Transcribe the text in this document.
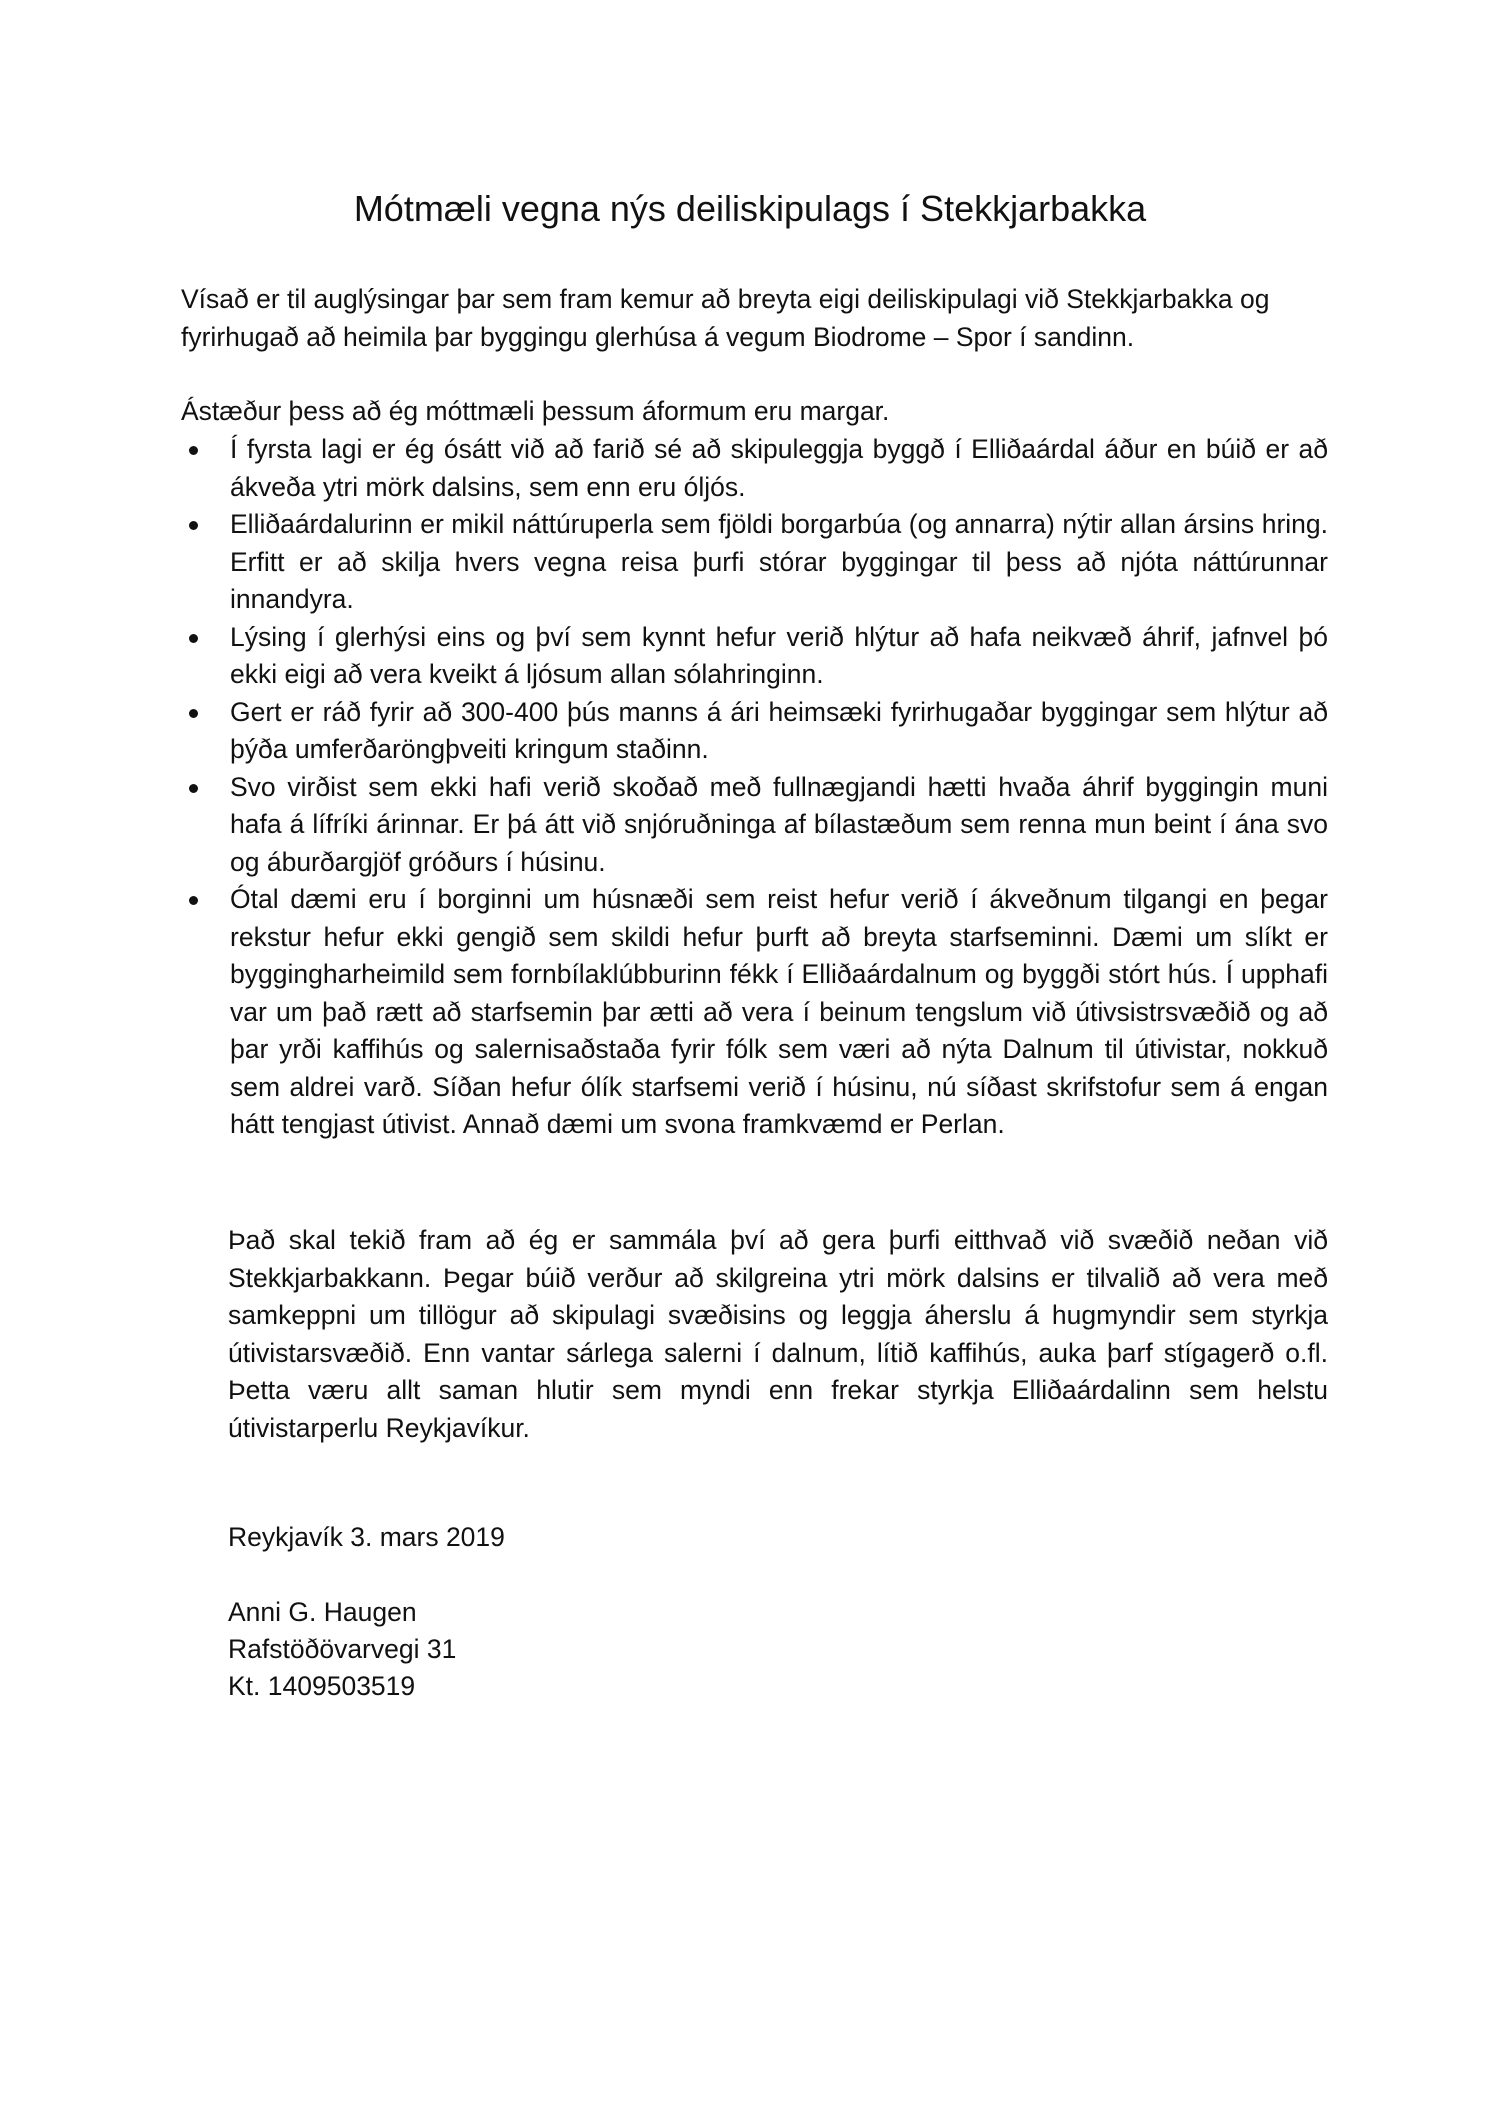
Mótmæli vegna nýs deiliskipulags í Stekkjarbakka

Vísað er til auglýsingar þar sem fram kemur að breyta eigi deiliskipulagi við Stekkjarbakka og fyrirhugað að heimila þar byggingu glerhúsa á vegum Biodrome – Spor í sandinn.

Ástæður þess að ég móttmæli þessum áformum eru margar.

Í fyrsta lagi er ég ósátt við að farið sé að skipuleggja byggð í Elliðaárdal áður en búið er að ákveða ytri mörk dalsins, sem enn eru óljós.
Elliðaárdalurinn er mikil náttúruperla sem fjöldi borgarbúa (og annarra) nýtir allan ársins hring. Erfitt er að skilja hvers vegna reisa þurfi stórar byggingar til þess að njóta náttúrunnar innandyra.
Lýsing í glerhýsi eins og því sem kynnt hefur verið hlýtur að hafa neikvæð áhrif, jafnvel þó ekki eigi að vera kveikt á ljósum allan sólahringinn.
Gert er ráð fyrir að 300-400 þús manns á ári heimsæki fyrirhugaðar byggingar sem hlýtur að þýða umferðaröngþveiti kringum staðinn.
Svo virðist sem ekki hafi verið skoðað með fullnægjandi hætti hvaða áhrif byggingin muni hafa á lífríki árinnar. Er þá átt við snjóruðninga af bílastæðum sem renna mun beint í ána svo og áburðargjöf gróðurs í húsinu.
Ótal dæmi eru í borginni um húsnæði sem reist hefur verið í ákveðnum tilgangi en þegar rekstur hefur ekki gengið sem skildi hefur þurft að breyta starfseminni. Dæmi um slíkt er byggingharheimild sem fornbílaklúbburinn fékk í Elliðaárdalnum og byggði stórt hús. Í upphafi var um það rætt að starfsemin þar ætti að vera í beinum tengslum við útivsistrsvæðið og að þar yrði kaffihús og salernisaðstaða fyrir fólk sem væri að nýta Dalnum til útivistar, nokkuð sem aldrei varð. Síðan hefur ólík starfsemi verið í húsinu, nú síðast skrifstofur sem á engan hátt tengjast útivist. Annað dæmi um svona framkvæmd er Perlan.

Það skal tekið fram að ég er sammála því að gera þurfi eitthvað við svæðið neðan við Stekkjarbakkann. Þegar búið verður að skilgreina ytri mörk dalsins er tilvalið að vera með samkeppni um tillögur að skipulagi svæðisins og leggja áherslu á hugmyndir sem styrkja útivistarsvæðið. Enn vantar sárlega salerni í dalnum, lítið kaffihús, auka þarf stígagerð o.fl. Þetta væru allt saman hlutir sem myndi enn frekar styrkja Elliðaárdalinn sem helstu útivistarperlu Reykjavíkur.

Reykjavík 3. mars 2019

Anni G. Haugen

Rafstöðövarvegi 31

Kt. 1409503519
